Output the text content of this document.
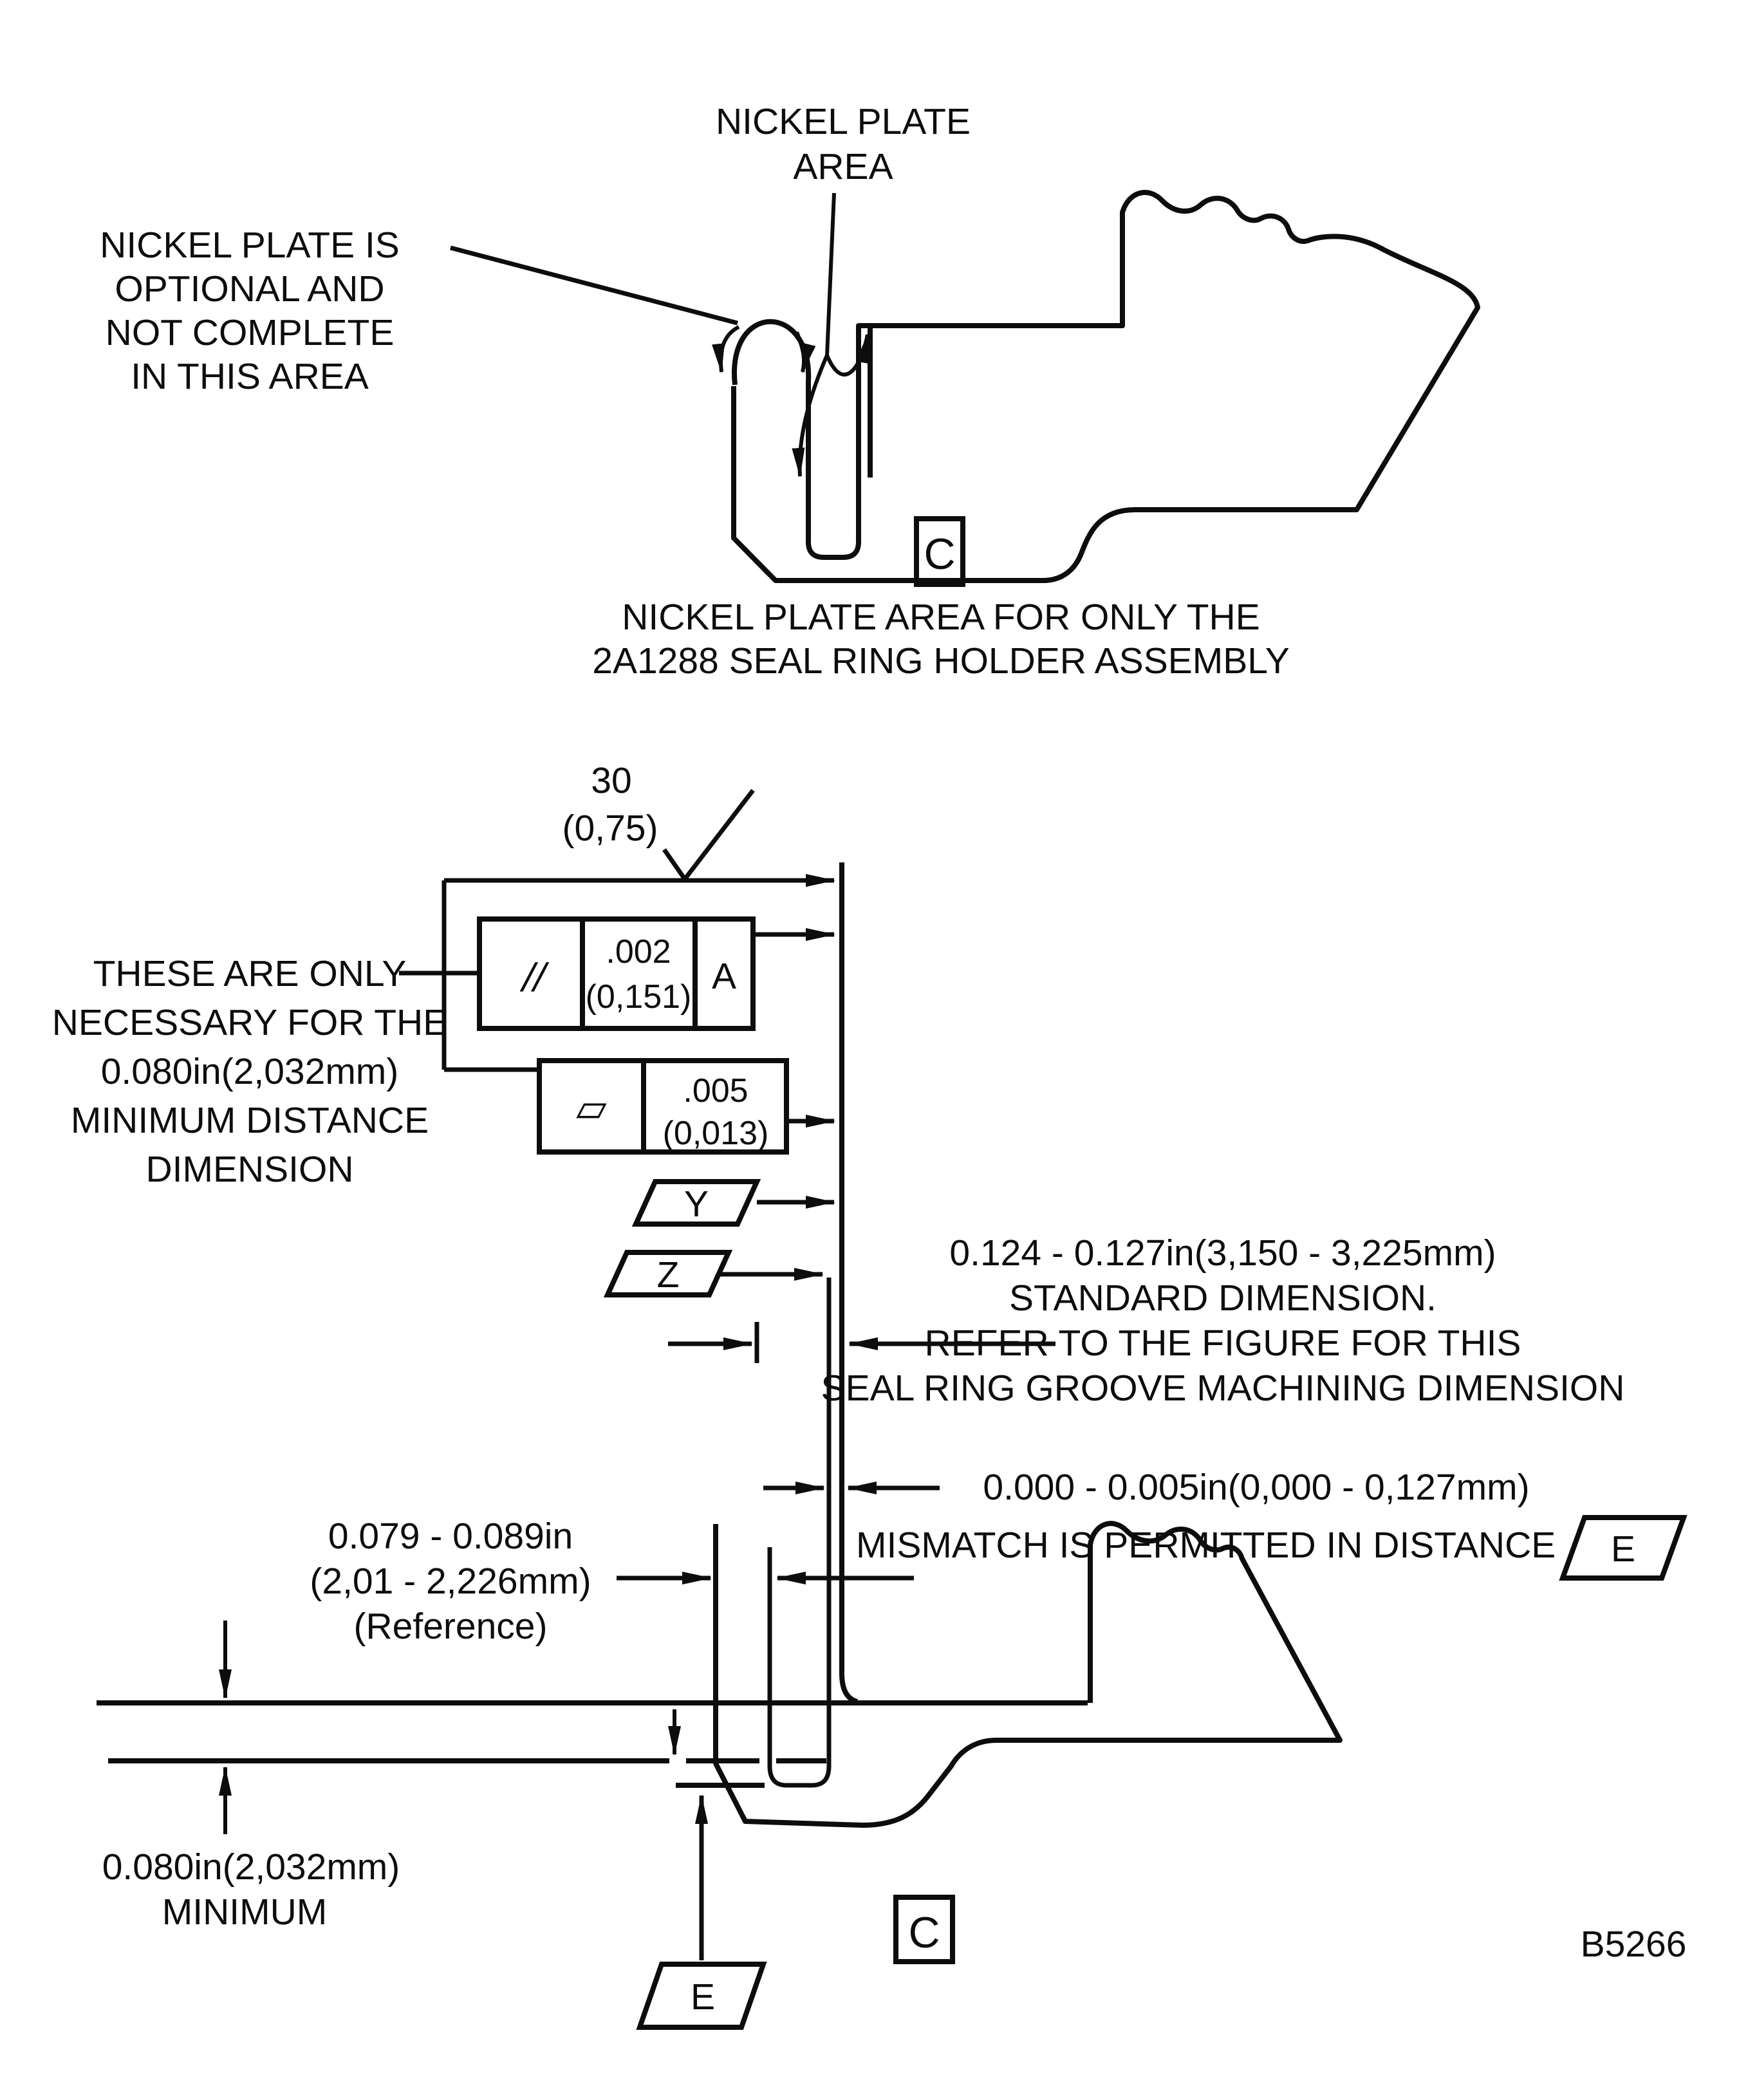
NICKEL PLATE
AREA
NICKEL PLATE IS
OPTIONAL AND
NOT COMPLETE
IN THIS AREA
C
NICKEL PLATE AREA FOR ONLY THE
2A1288 SEAL RING HOLDER ASSEMBLY
30
(0,75)
THESE ARE ONLY
NECESSARY FOR THE
0.080in(2,032mm)
MINIMUM DISTANCE
DIMENSION
//
.002
(0,151) A
▱ .005
(0,013)
Y
Z
0.124 - 0.127in(3,150 - 3,225mm)
STANDARD DIMENSION.
REFER TO THE FIGURE FOR THIS
SEAL RING GROOVE MACHINING DIMENSION
0.000 - 0.005in(0,000 - 0,127mm)
MISMATCH IS PERMITTED IN DISTANCE E
0.079 - 0.089in
(2,01 - 2,226mm)
(Reference)
0.080in(2,032mm)
MINIMUM
E
C	B5266
